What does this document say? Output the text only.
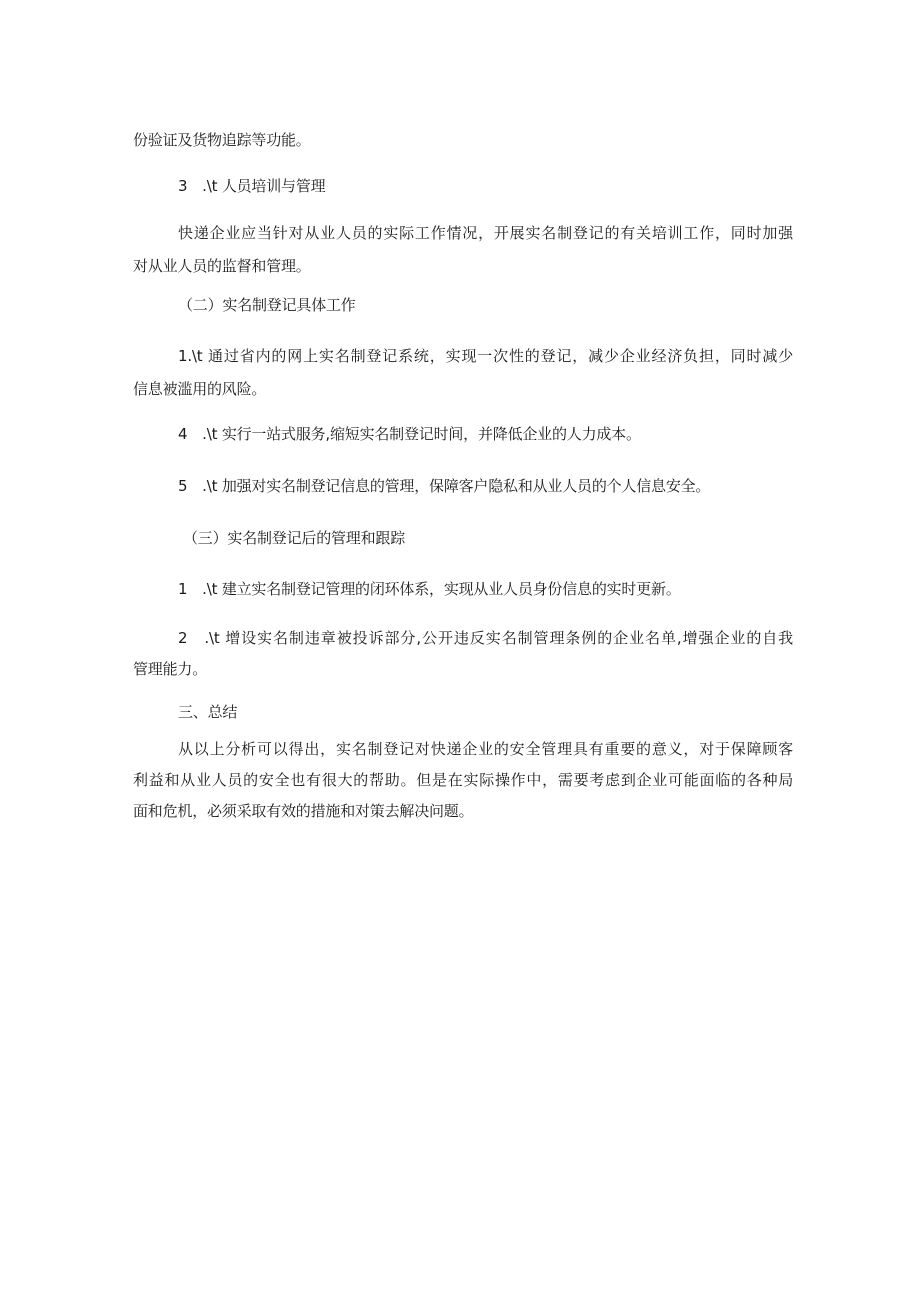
份验证及货物追踪等功能。
3　.\t 人员培训与管理
快递企业应当针对从业人员的实际工作情况，开展实名制登记的有关培训工作，同时加强
对从业人员的监督和管理。
（二）实名制登记具体工作
1.\t 通过省内的网上实名制登记系统，实现一次性的登记，减少企业经济负担，同时减少
信息被滥用的风险。
4　.\t 实行一站式服务,缩短实名制登记时间，并降低企业的人力成本。
5　.\t 加强对实名制登记信息的管理，保障客户隐私和从业人员的个人信息安全。
（三）实名制登记后的管理和跟踪
1　.\t 建立实名制登记管理的闭环体系，实现从业人员身份信息的实时更新。
2　.\t 增设实名制违章被投诉部分,公开违反实名制管理条例的企业名单,增强企业的自我
管理能力。
三、总结
从以上分析可以得出，实名制登记对快递企业的安全管理具有重要的意义，对于保障顾客
利益和从业人员的安全也有很大的帮助。但是在实际操作中，需要考虑到企业可能面临的各种局
面和危机，必须采取有效的措施和对策去解决问题。
